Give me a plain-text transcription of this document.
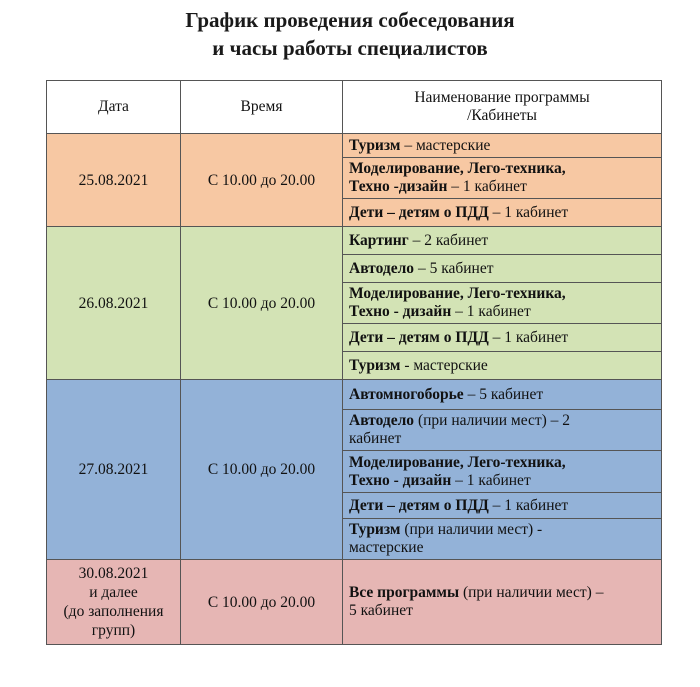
График проведения собеседования
и часы работы специалистов
Дата	Время	Наименование программы
/Кабинеты
25.08.2021	С 10.00 до 20.00	Туризм – мастерские
		Моделирование, Лего-техника,
Техно -дизайн – 1 кабинет
		Дети – детям о ПДД – 1 кабинет
26.08.2021	С 10.00 до 20.00	Картинг – 2 кабинет
		Автодело – 5 кабинет
		Моделирование, Лего-техника,
Техно - дизайн – 1 кабинет
		Дети – детям о ПДД – 1 кабинет
		Туризм - мастерские
27.08.2021	С 10.00 до 20.00	Автомногоборье – 5 кабинет
		Автодело (при наличии мест) – 2
кабинет
		Моделирование, Лего-техника,
Техно - дизайн – 1 кабинет
		Дети – детям о ПДД – 1 кабинет
		Туризм (при наличии мест) -
мастерские
30.08.2021
и далее
(до заполнения
групп)	С 10.00 до 20.00	Все программы (при наличии мест) –
5 кабинет
